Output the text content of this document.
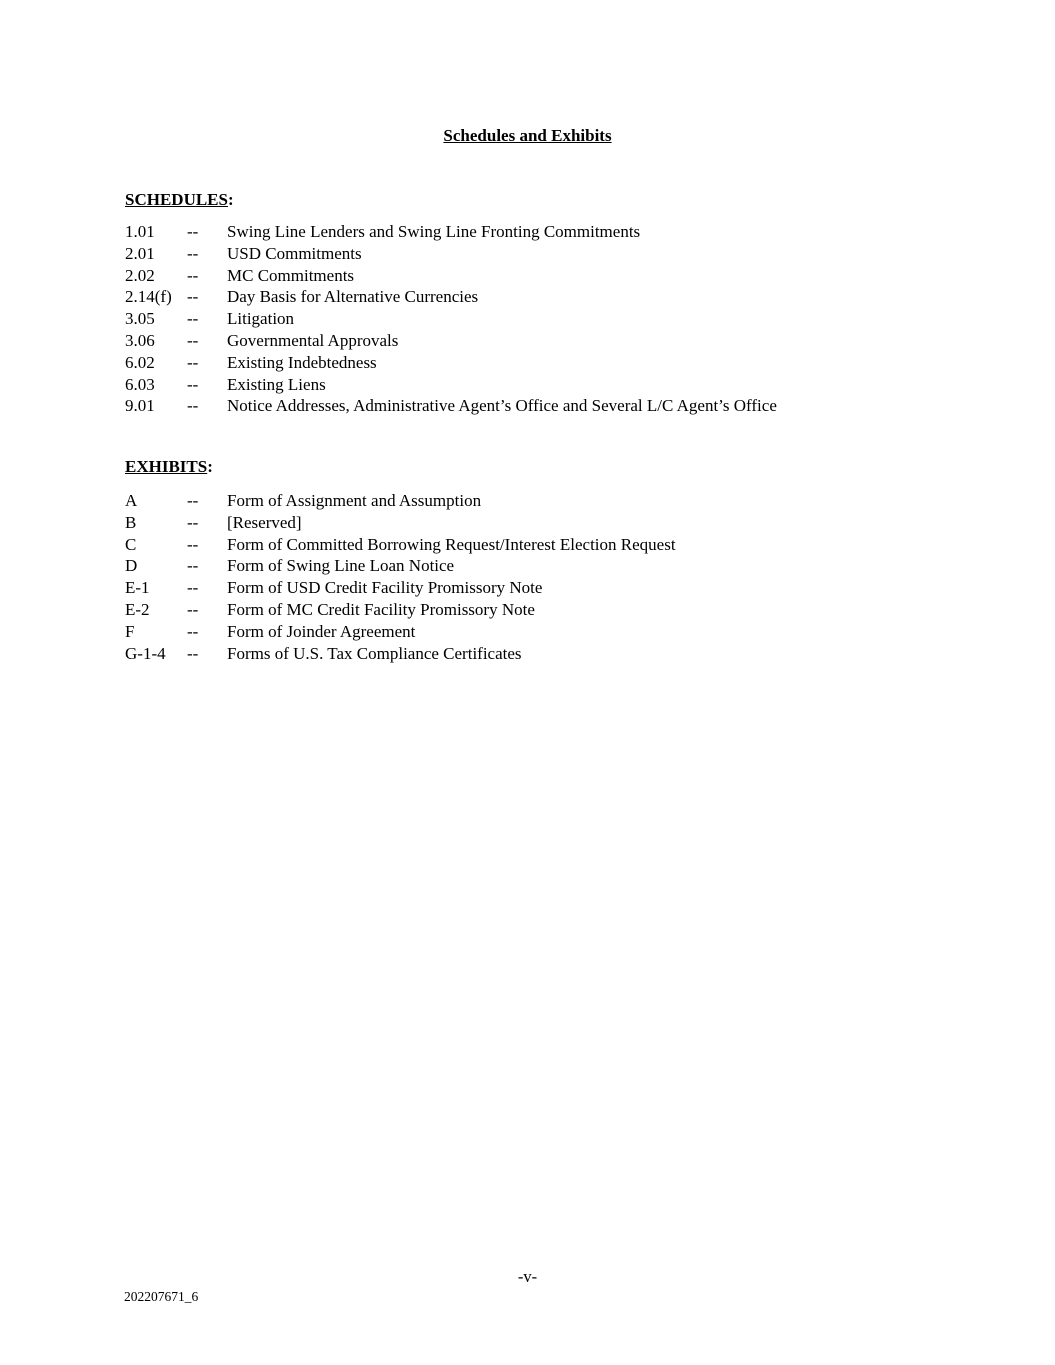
Schedules and Exhibits
SCHEDULES:
1.01	--	Swing Line Lenders and Swing Line Fronting Commitments
2.01	--	USD Commitments
2.02	--	MC Commitments
2.14(f) --	Day Basis for Alternative Currencies
3.05	--	Litigation
3.06	--	Governmental Approvals
6.02	--	Existing Indebtedness
6.03	--	Existing Liens
9.01	--	Notice Addresses, Administrative Agent’s Office and Several L/C Agent’s Office
EXHIBITS:
A	--	Form of Assignment and Assumption
B	--	[Reserved]
C	--	Form of Committed Borrowing Request/Interest Election Request
D	--	Form of Swing Line Loan Notice
E-1	--	Form of USD Credit Facility Promissory Note
E-2	--	Form of MC Credit Facility Promissory Note
F	--	Form of Joinder Agreement
G-1-4	--	Forms of U.S. Tax Compliance Certificates
-v-
202207671_6
